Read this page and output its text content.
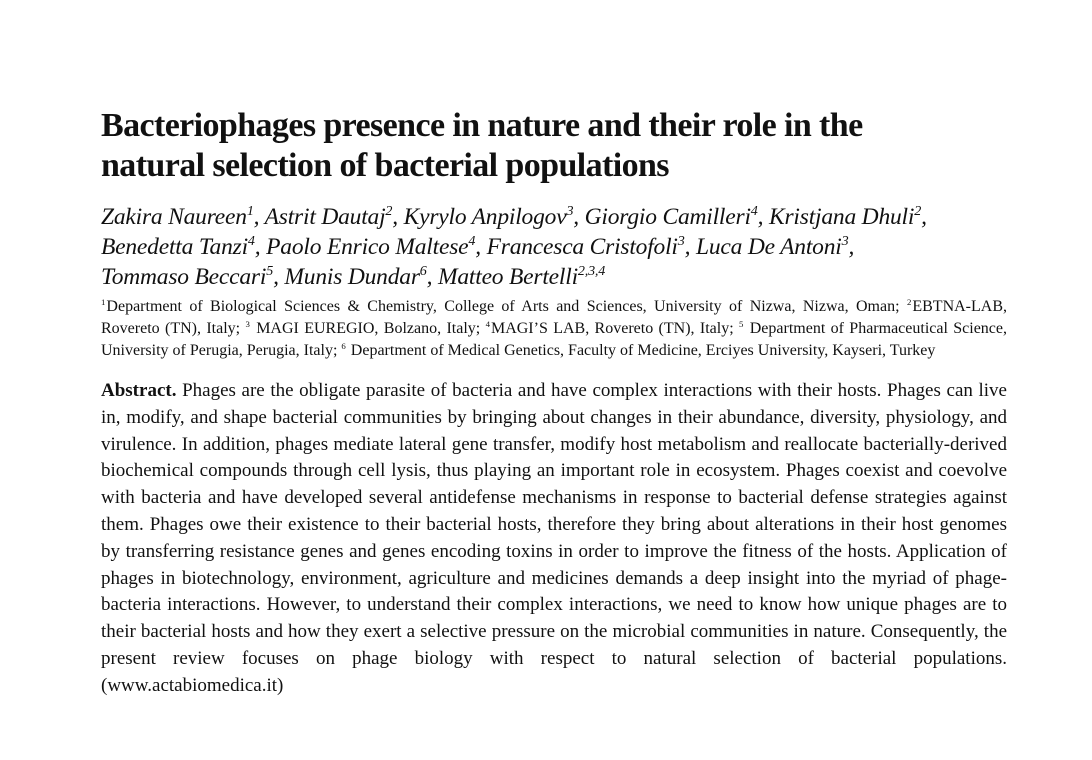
Bacteriophages presence in nature and their role in the
natural selection of bacterial populations
Zakira Naureen$^1$, Astrit Dautaj$^2$, Kyrylo Anpilogov$^3$, Giorgio Camilleri$^4$, Kristjana Dhuli$^2$,
Benedetta Tanzi$^4$, Paolo Enrico Maltese$^4$, Francesca Cristofoli$^3$, Luca De Antoni$^3$,
Tommaso Beccari$^5$, Munis Dundar$^6$, Matteo Bertelli$^{2,3,4}$
$^1$Department of Biological Sciences & Chemistry, College of Arts and Sciences, University of Nizwa, Nizwa, Oman; $^2$EBTNA-LAB, Rovereto (TN), Italy; $^3$ MAGI EUREGIO, Bolzano, Italy; $^4$MAGI’S LAB, Rovereto (TN), Italy; $^5$ Department of Pharmaceutical Science, University of Perugia, Perugia, Italy; $^6$ Department of Medical Genetics, Faculty of Medicine, Erciyes University, Kayseri, Turkey

Abstract. Phages are the obligate parasite of bacteria and have complex interactions with their hosts. Phages can live in, modify, and shape bacterial communities by bringing about changes in their abundance, diversity, physiology, and virulence. In addition, phages mediate lateral gene transfer, modify host metabolism and reallocate bacterially-derived biochemical compounds through cell lysis, thus playing an important role in ecosystem. Phages coexist and coevolve with bacteria and have developed several antidefense mechanisms in response to bacterial defense strategies against them. Phages owe their existence to their bacterial hosts, therefore they bring about alterations in their host genomes by transferring resistance genes and genes encoding toxins in order to improve the fitness of the hosts. Application of phages in biotechnology, environment, agriculture and medicines demands a deep insight into the myriad of phage-bacteria interactions. However, to understand their complex interactions, we need to know how unique phages are to their bacterial hosts and how they exert a selective pressure on the microbial communities in nature. Consequently, the present review focuses on phage biology with respect to natural selection of bacterial populations. (www.actabiomedica.it)
